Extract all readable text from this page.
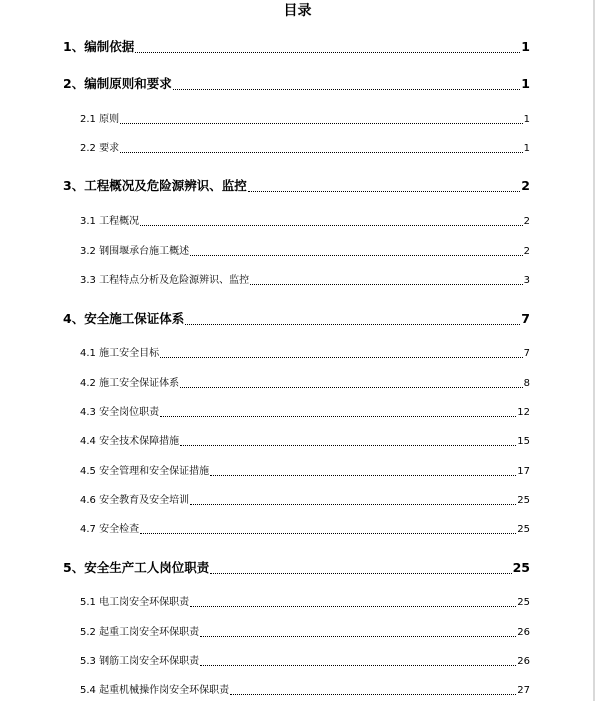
目录
1、编制依据	1
2、编制原则和要求	1
2.1 原则	1
2.2 要求	1
3、工程概况及危险源辨识、监控	2
3.1 工程概况	2
3.2 钢围堰承台施工概述	2
3.3 工程特点分析及危险源辨识、监控	3
4、安全施工保证体系	7
4.1 施工安全目标	7
4.2 施工安全保证体系	8
4.3 安全岗位职责	12
4.4 安全技术保障措施	15
4.5 安全管理和安全保证措施	17
4.6 安全教育及安全培训	25
4.7 安全检查	25
5、安全生产工人岗位职责	25
5.1 电工岗安全环保职责	25
5.2 起重工岗安全环保职责	26
5.3 钢筋工岗安全环保职责	26
5.4 起重机械操作岗安全环保职责	27
